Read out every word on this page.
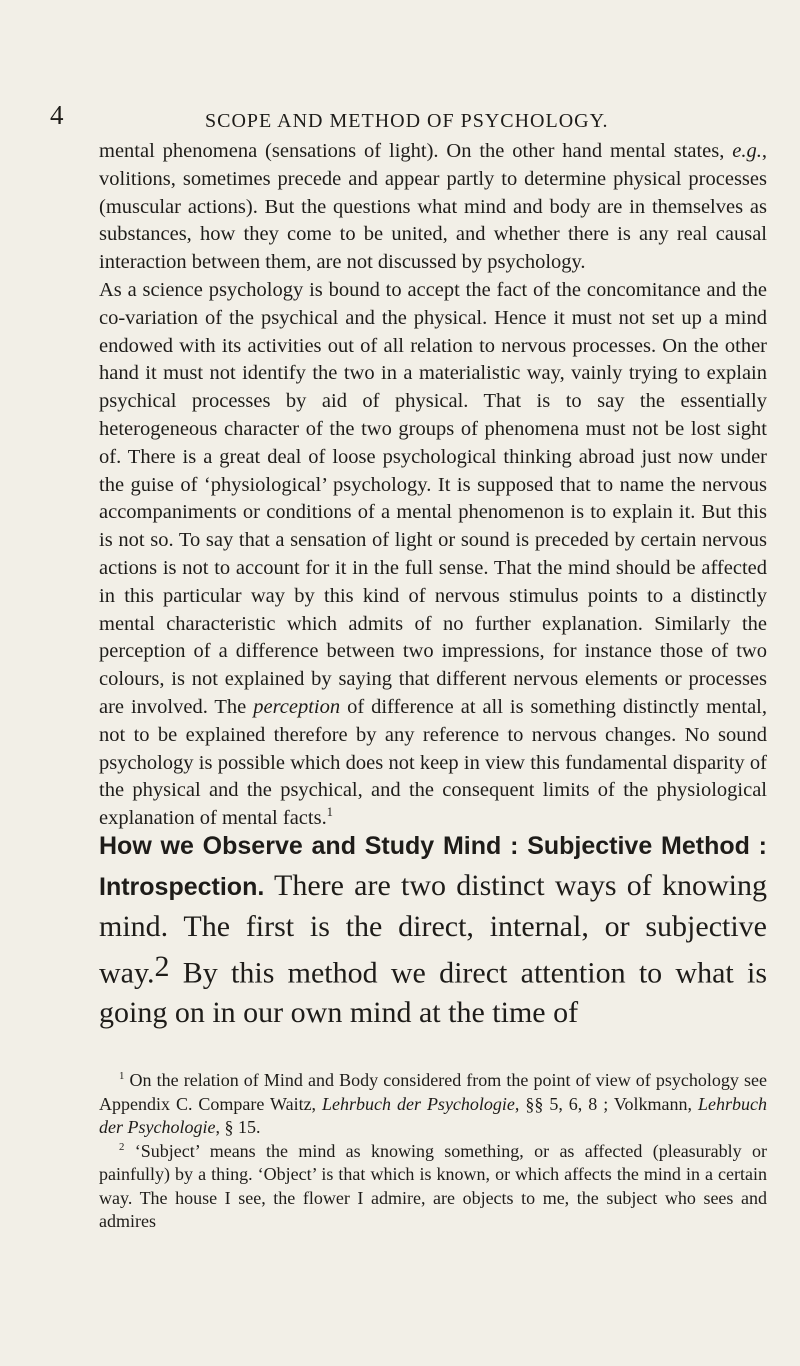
4	SCOPE AND METHOD OF PSYCHOLOGY.

mental phenomena (sensations of light). On the other hand mental states, e.g., volitions, sometimes precede and appear partly to determine physical processes (muscular actions). But the questions what mind and body are in themselves as substances, how they come to be united, and whether there is any real causal interaction between them, are not discussed by psychology.

As a science psychology is bound to accept the fact of the concomitance and the co-variation of the psychical and the physical. Hence it must not set up a mind endowed with its activities out of all relation to nervous processes. On the other hand it must not identify the two in a materialistic way, vainly trying to explain psychical processes by aid of physical. That is to say the essentially heterogeneous character of the two groups of phenomena must not be lost sight of. There is a great deal of loose psychological thinking abroad just now under the guise of ‘physiological’ psychology. It is supposed that to name the nervous accompaniments or conditions of a mental phenomenon is to explain it. But this is not so. To say that a sensation of light or sound is preceded by certain nervous actions is not to account for it in the full sense. That the mind should be affected in this particular way by this kind of nervous stimulus points to a distinctly mental characteristic which admits of no further explanation. Similarly the perception of a difference between two impressions, for instance those of two colours, is not explained by saying that different nervous elements or processes are involved. The perception of difference at all is something distinctly mental, not to be explained therefore by any reference to nervous changes. No sound psychology is possible which does not keep in view this fundamental disparity of the physical and the psychical, and the consequent limits of the physiological explanation of mental facts.$^1$

How we Observe and Study Mind : Subjective Method : Introspection. There are two distinct ways of knowing mind. The first is the direct, internal, or subjective way.$^2$ By this method we direct attention to what is going on in our own mind at the time of

$^1$ On the relation of Mind and Body considered from the point of view of psychology see Appendix C. Compare Waitz, Lehrbuch der Psychologie, §§ 5, 6, 8 ; Volkmann, Lehrbuch der Psychologie, § 15.

$^2$ ‘Subject’ means the mind as knowing something, or as affected (pleasurably or painfully) by a thing. ‘Object’ is that which is known, or which affects the mind in a certain way. The house I see, the flower I admire, are objects to me, the subject who sees and admires
